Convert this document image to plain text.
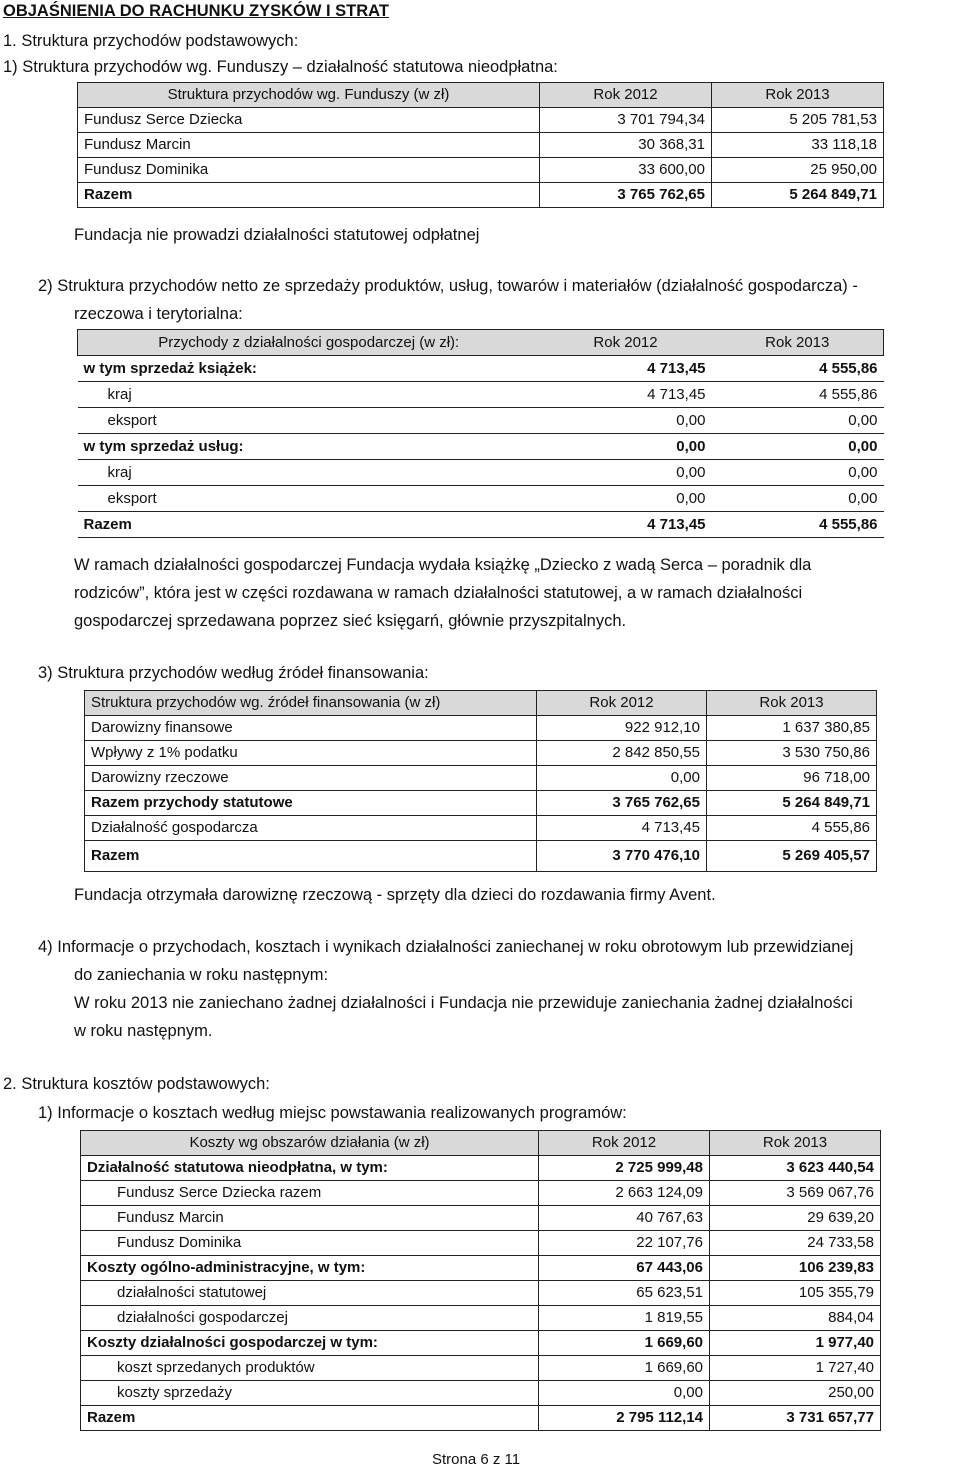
OBJAŚNIENIA DO RACHUNKU ZYSKÓW I STRAT
1. Struktura przychodów podstawowych:
1) Struktura przychodów wg. Funduszy – działalność statutowa nieodpłatna:
Struktura przychodów wg. Funduszy (w zł)	Rok 2012	Rok 2013
Fundusz Serce Dziecka	3 701 794,34	5 205 781,53
Fundusz Marcin	30 368,31	33 118,18
Fundusz Dominika	33 600,00	25 950,00
Razem	3 765 762,65	5 264 849,71
Fundacja nie prowadzi działalności statutowej odpłatnej
2) Struktura przychodów netto ze sprzedaży produktów, usług, towarów i materiałów (działalność gospodarcza) -
rzeczowa i terytorialna:
Przychody z działalności gospodarczej (w zł):	Rok 2012	Rok 2013
w tym sprzedaż książek:	4 713,45	4 555,86
kraj	4 713,45	4 555,86
eksport	0,00	0,00
w tym sprzedaż usług:	0,00	0,00
kraj	0,00	0,00
eksport	0,00	0,00
Razem	4 713,45	4 555,86
W ramach działalności gospodarczej Fundacja wydała książkę „Dziecko z wadą Serca – poradnik dla
rodziców”, która jest w części rozdawana w ramach działalności statutowej, a w ramach działalności
gospodarczej sprzedawana poprzez sieć księgarń, głównie przyszpitalnych.
3) Struktura przychodów według źródeł finansowania:
Struktura przychodów wg. źródeł finansowania (w zł)	Rok 2012	Rok 2013
Darowizny finansowe	922 912,10	1 637 380,85
Wpływy z 1% podatku	2 842 850,55	3 530 750,86
Darowizny rzeczowe	0,00	96 718,00
Razem przychody statutowe	3 765 762,65	5 264 849,71
Działalność gospodarcza	4 713,45	4 555,86
Razem	3 770 476,10	5 269 405,57
Fundacja otrzymała darowiznę rzeczową - sprzęty dla dzieci do rozdawania firmy Avent.
4) Informacje o przychodach, kosztach i wynikach działalności zaniechanej w roku obrotowym lub przewidzianej
do zaniechania w roku następnym:
W roku 2013 nie zaniechano żadnej działalności i Fundacja nie przewiduje zaniechania żadnej działalności
w roku następnym.
2. Struktura kosztów podstawowych:
1) Informacje o kosztach według miejsc powstawania realizowanych programów:
Koszty wg obszarów działania (w zł)	Rok 2012	Rok 2013
Działalność statutowa nieodpłatna, w tym:	2 725 999,48	3 623 440,54
Fundusz Serce Dziecka razem	2 663 124,09	3 569 067,76
Fundusz Marcin	40 767,63	29 639,20
Fundusz Dominika	22 107,76	24 733,58
Koszty ogólno-administracyjne, w tym:	67 443,06	106 239,83
działalności statutowej	65 623,51	105 355,79
działalności gospodarczej	1 819,55	884,04
Koszty działalności gospodarczej w tym:	1 669,60	1 977,40
koszt sprzedanych produktów	1 669,60	1 727,40
koszty sprzedaży	0,00	250,00
Razem	2 795 112,14	3 731 657,77
Strona 6 z 11
